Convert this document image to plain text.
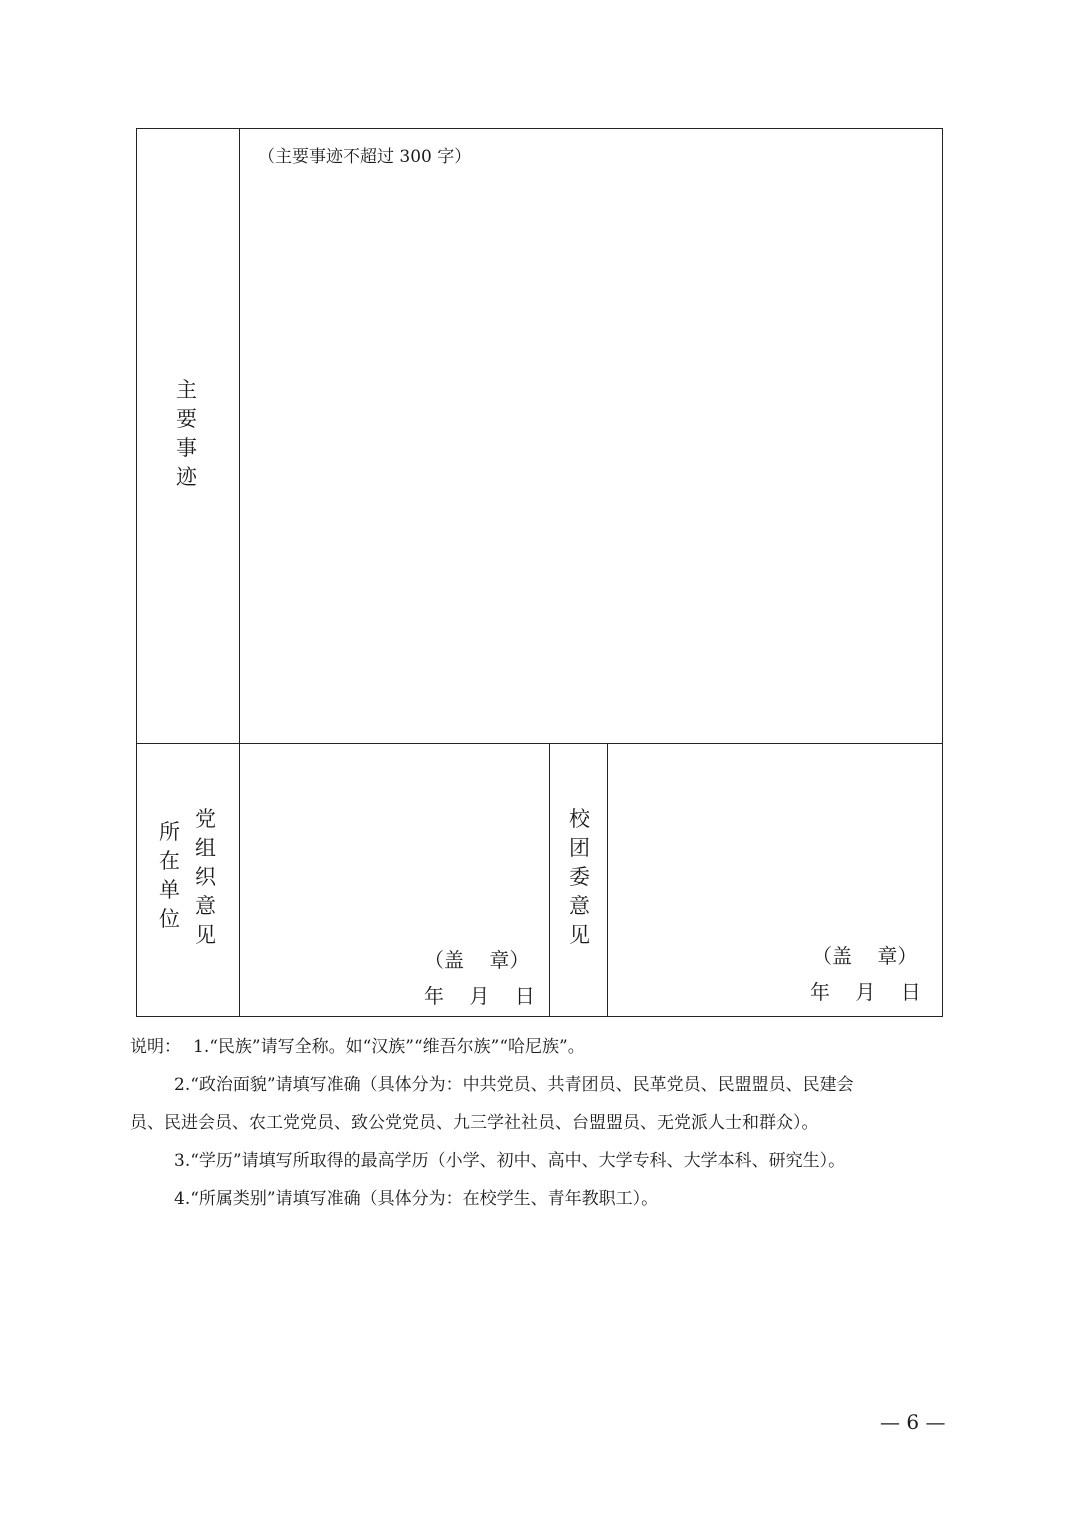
主
要
事
迹
（主要事迹不超过 300 字）
所
在
单
位
党
组
织
意
见
（盖    章）
年    月    日
校
团
委
意
见
（盖    章）
年    月    日
说明： 1.“民族”请写全称。如“汉族”“维吾尔族”“哈尼族”。
2.“政治面貌”请填写准确（具体分为：中共党员、共青团员、民革党员、民盟盟员、民建会
员、民进会员、农工党党员、致公党党员、九三学社社员、台盟盟员、无党派人士和群众）。
3.“学历”请填写所取得的最高学历（小学、初中、高中、大学专科、大学本科、研究生）。
4.“所属类别”请填写准确（具体分为：在校学生、青年教职工）。
— 6 —
